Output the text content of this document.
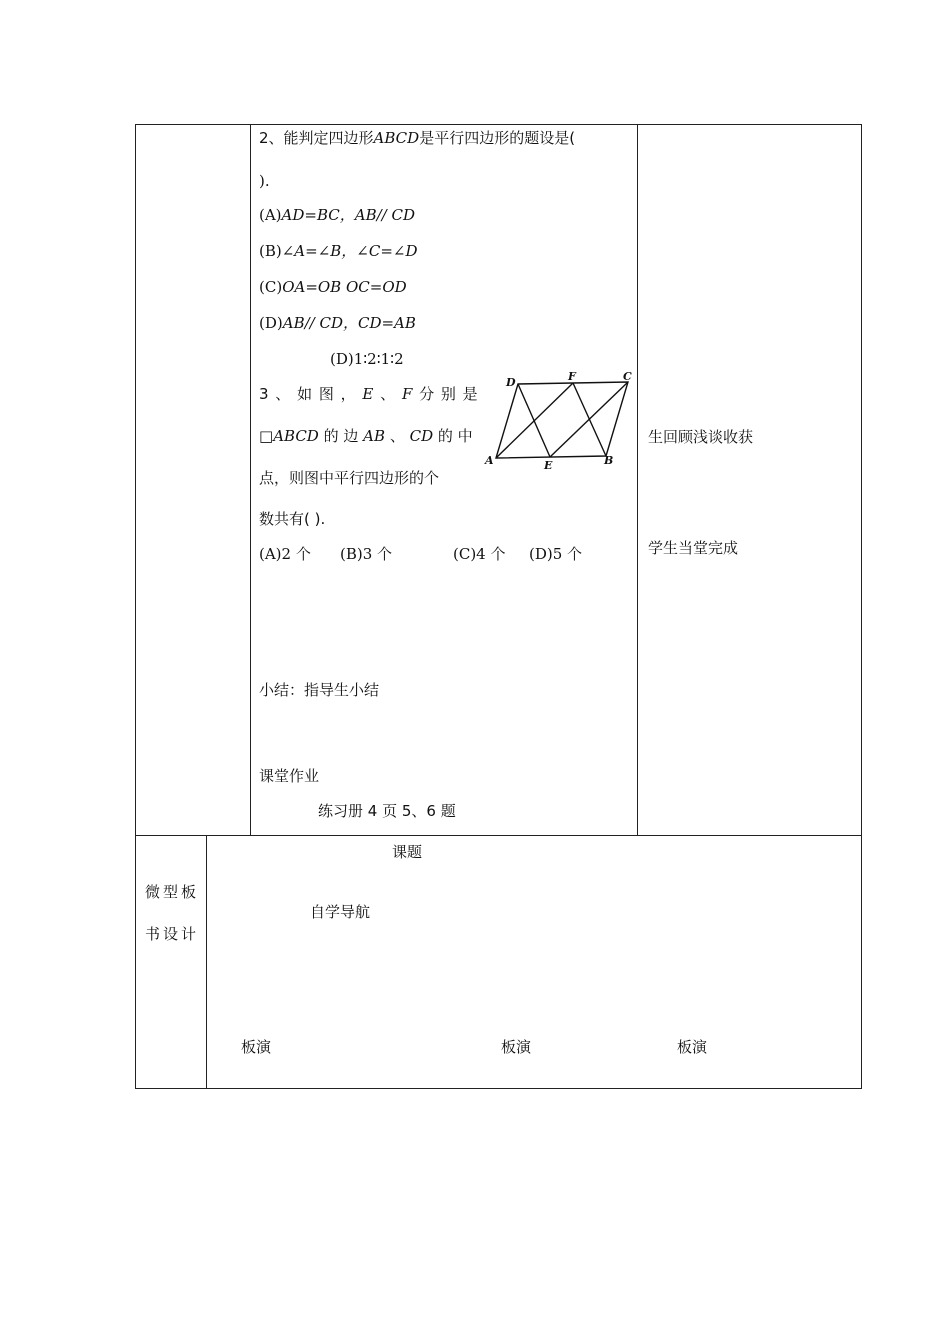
2、能判定四边形ABCD是平行四边形的题设是(
).
(A)AD=BC，AB// CD
(B)∠A=∠B，∠C=∠D
(C)OA=OB OC=OD
(D)AB// CD，CD=AB
(D)1∶2∶1∶2
3 、 如 图 ， E 、 F 分 别 是
□ABCD 的 边 AB 、 CD 的 中
点，则图中平行四边形的个
数共有( ).
(A)2 个 (B)3 个	(C)4 个 (D)5 个
D	F	C
A	E	B
小结：指导生小结
课堂作业
练习册 4 页 5、6 题
生回顾浅谈收获
学生当堂完成
微型板
书设计
课题
自学导航
板演	板演	板演
